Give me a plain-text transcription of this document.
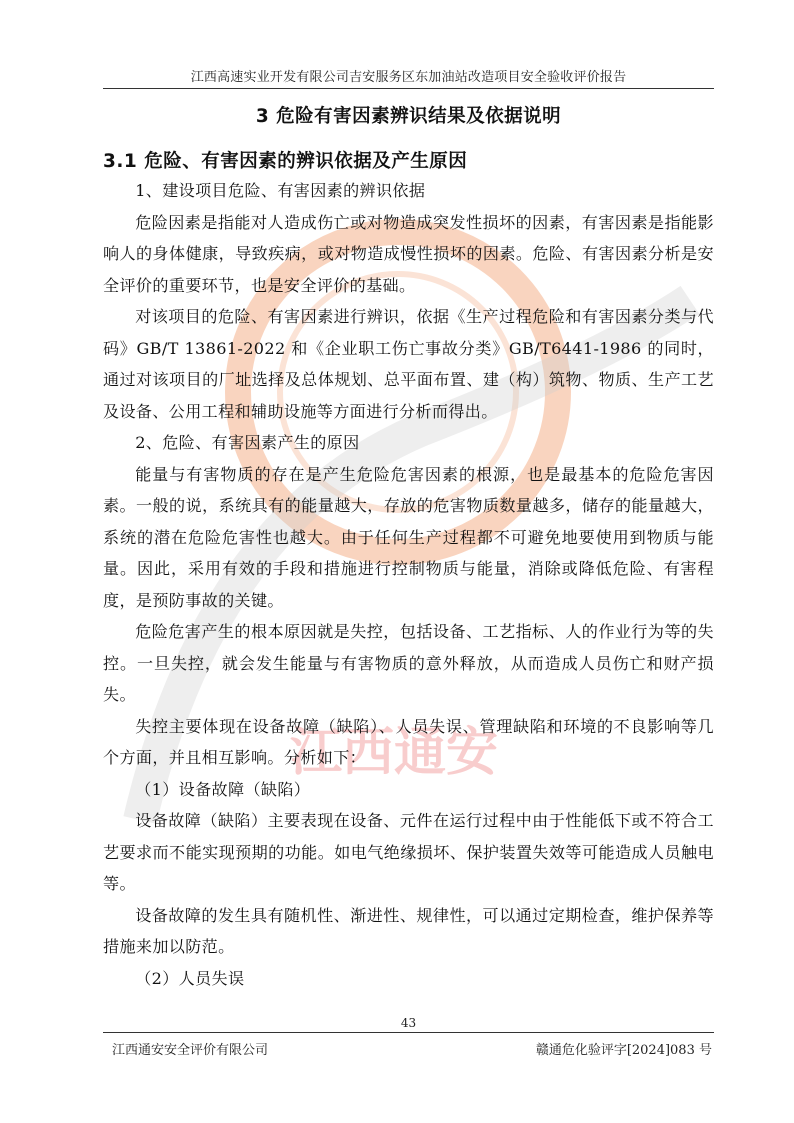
江西通安
江西高速实业开发有限公司吉安服务区东加油站改造项目安全验收评价报告
3 危险有害因素辨识结果及依据说明
3.1 危险、有害因素的辨识依据及产生原因

1、建设项目危险、有害因素的辨识依据

危险因素是指能对人造成伤亡或对物造成突发性损坏的因素，有害因素是指能影响人的身体健康，导致疾病，或对物造成慢性损坏的因素。危险、有害因素分析是安全评价的重要环节，也是安全评价的基础。

对该项目的危险、有害因素进行辨识，依据《生产过程危险和有害因素分类与代码》GB/T 13861-2022 和《企业职工伤亡事故分类》GB/T6441-1986 的同时，通过对该项目的厂址选择及总体规划、总平面布置、建（构）筑物、物质、生产工艺及设备、公用工程和辅助设施等方面进行分析而得出。

2、危险、有害因素产生的原因

能量与有害物质的存在是产生危险危害因素的根源，也是最基本的危险危害因素。一般的说，系统具有的能量越大，存放的危害物质数量越多，储存的能量越大，系统的潜在危险危害性也越大。由于任何生产过程都不可避免地要使用到物质与能量。因此，采用有效的手段和措施进行控制物质与能量，消除或降低危险、有害程度，是预防事故的关键。

危险危害产生的根本原因就是失控，包括设备、工艺指标、人的作业行为等的失控。一旦失控，就会发生能量与有害物质的意外释放，从而造成人员伤亡和财产损失。

失控主要体现在设备故障（缺陷）、人员失误、管理缺陷和环境的不良影响等几个方面，并且相互影响。分析如下：

（1）设备故障（缺陷）

设备故障（缺陷）主要表现在设备、元件在运行过程中由于性能低下或不符合工艺要求而不能实现预期的功能。如电气绝缘损坏、保护装置失效等可能造成人员触电等。

设备故障的发生具有随机性、渐进性、规律性，可以通过定期检查，维护保养等措施来加以防范。

（2）人员失误

43
江西通安安全评价有限公司	赣通危化验评字[2024]083 号
